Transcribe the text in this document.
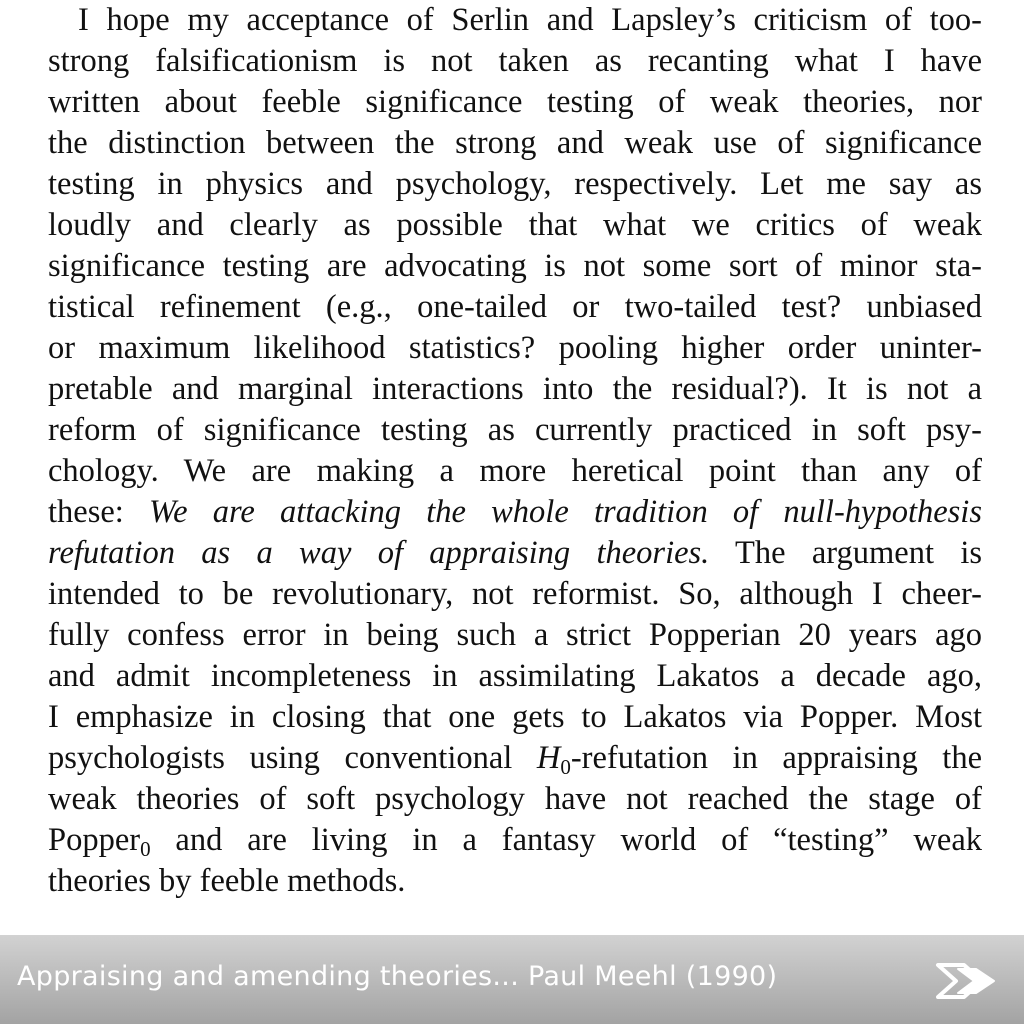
I hope my acceptance of Serlin and Lapsley’s criticism of too-
strong falsificationism is not taken as recanting what I have
written about feeble significance testing of weak theories, nor
the distinction between the strong and weak use of significance
testing in physics and psychology, respectively. Let me say as
loudly and clearly as possible that what we critics of weak
significance testing are advocating is not some sort of minor sta-
tistical refinement (e.g., one-tailed or two-tailed test? unbiased
or maximum likelihood statistics? pooling higher order uninter-
pretable and marginal interactions into the residual?). It is not a
reform of significance testing as currently practiced in soft psy-
chology. We are making a more heretical point than any of
these: We are attacking the whole tradition of null-hypothesis
refutation as a way of appraising theories. The argument is
intended to be revolutionary, not reformist. So, although I cheer-
fully confess error in being such a strict Popperian 20 years ago
and admit incompleteness in assimilating Lakatos a decade ago,
I emphasize in closing that one gets to Lakatos via Popper. Most
psychologists using conventional $H_0$-refutation in appraising the
weak theories of soft psychology have not reached the stage of
Popper$_0$ and are living in a fantasy world of “testing” weak
theories by feeble methods.
Appraising and amending theories... Paul Meehl (1990)
